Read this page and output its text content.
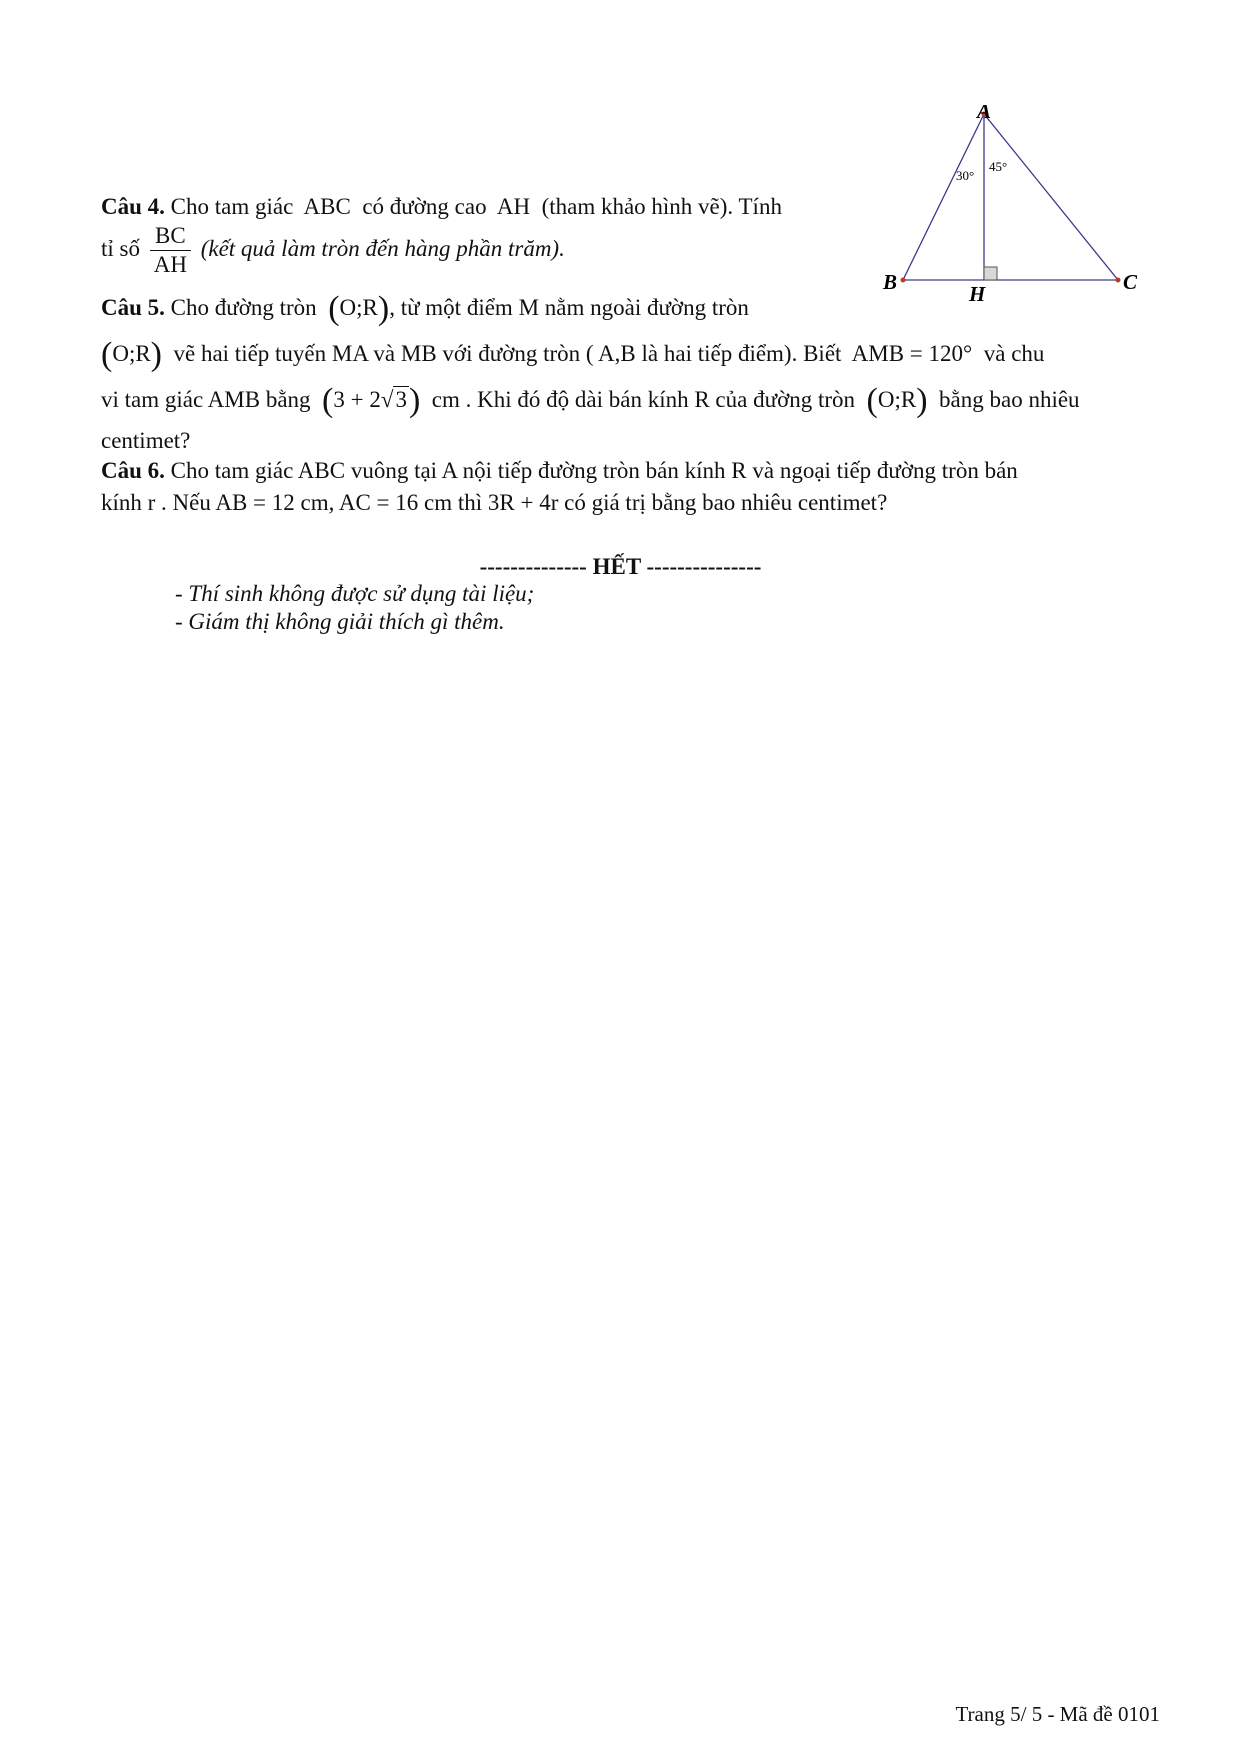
A
B	C
H
30°
45°
Câu 4. Cho tam giác ABC có đường cao AH (tham khảo hình vẽ). Tính
tỉ số $\frac{BC}{AH}$ (kết quả làm tròn đến hàng phần trăm).
Câu 5. Cho đường tròn (O;R), từ một điểm M nằm ngoài đường tròn
(O;R) vẽ hai tiếp tuyến MA và MB với đường tròn ( A,B là hai tiếp điểm). Biết AMB = 120° và chu
vi tam giác AMB bằng (3 + 2√3) cm . Khi đó độ dài bán kính R của đường tròn (O;R) bằng bao nhiêu
centimet?
Câu 6. Cho tam giác ABC vuông tại A nội tiếp đường tròn bán kính R và ngoại tiếp đường tròn bán
kính r . Nếu AB = 12 cm, AC = 16 cm thì 3R + 4r có giá trị bằng bao nhiêu centimet?
-------------- HẾT ---------------
- Thí sinh không được sử dụng tài liệu;
- Giám thị không giải thích gì thêm.
Trang 5/ 5 - Mã đề 0101
